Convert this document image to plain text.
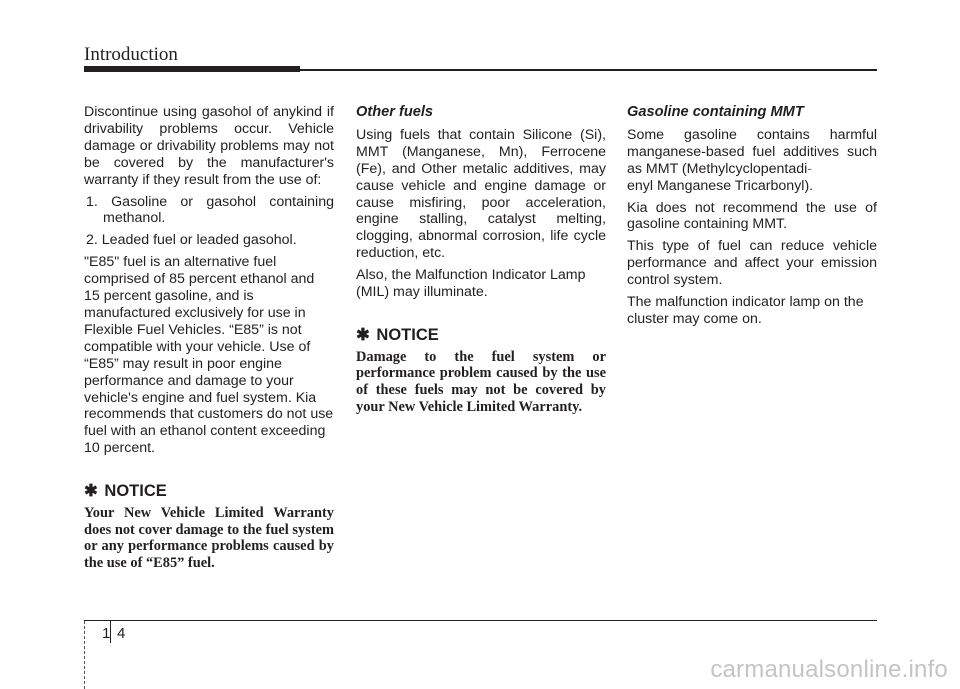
Introduction

Discontinue using gasohol of anykind if drivability problems occur. Vehicle damage or drivability problems may not be covered by the manufacturer's warranty if they result from the use of:

1. Gasoline or gasohol containing methanol.
2. Leaded fuel or leaded gasohol.

"E85" fuel is an alternative fuel comprised of 85 percent ethanol and 15 percent gasoline, and is manufactured exclusively for use in Flexible Fuel Vehicles. “E85” is not compatible with your vehicle. Use of “E85” may result in poor engine performance and damage to your vehicle's engine and fuel system. Kia recommends that customers do not use fuel with an ethanol content exceeding 10 percent.

✱ NOTICE

Your New Vehicle Limited Warranty does not cover damage to the fuel system or any performance problems caused by the use of “E85” fuel.

Other fuels

Using fuels that contain Silicone (Si), MMT (Manganese, Mn), Ferrocene (Fe), and Other metalic additives, may cause vehicle and engine damage or cause misfiring, poor acceleration, engine stalling, catalyst melting, clogging, abnormal corrosion, life cycle reduction, etc.

Also, the Malfunction Indicator Lamp (MIL) may illuminate.

✱ NOTICE

Damage to the fuel system or performance problem caused by the use of these fuels may not be covered by your New Vehicle Limited Warranty.

Gasoline containing MMT

Some gasoline contains harmful manganese-based fuel additives such as MMT (Methylcyclopentadi-
enyl Manganese Tricarbonyl).

Kia does not recommend the use of gasoline containing MMT.

This type of fuel can reduce vehicle performance and affect your emission control system.

The malfunction indicator lamp on the cluster may come on.

1 4
carmanualsonline.info
